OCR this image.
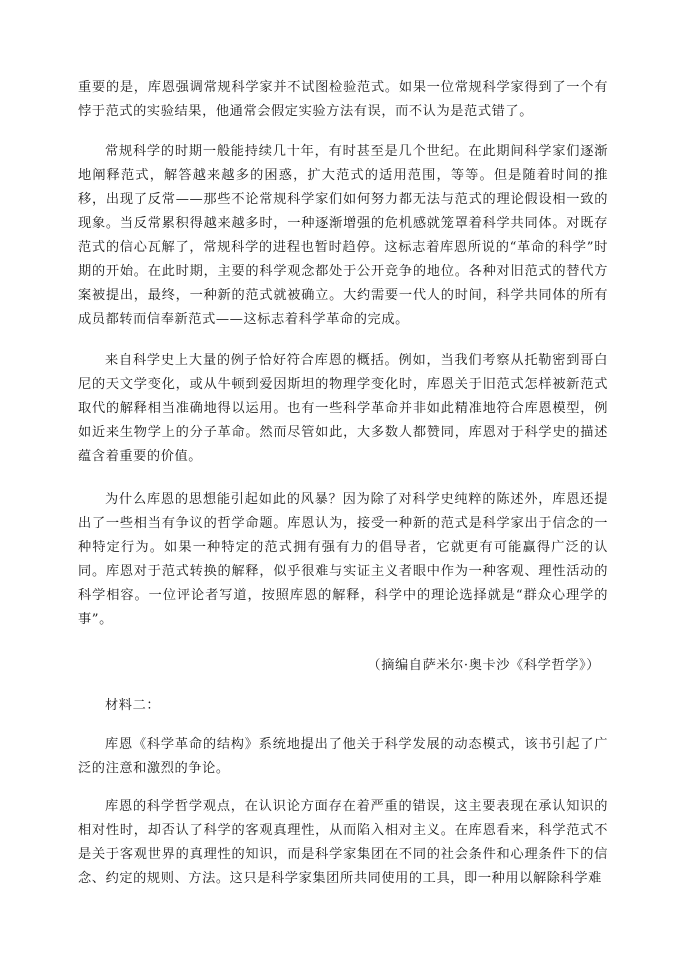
重要的是，库恩强调常规科学家并不试图检验范式。如果一位常规科学家得到了一个有悖于范式的实验结果，他通常会假定实验方法有误，而不认为是范式错了。

常规科学的时期一般能持续几十年，有时甚至是几个世纪。在此期间科学家们逐渐地阐释范式，解答越来越多的困惑，扩大范式的适用范围，等等。但是随着时间的推移，出现了反常——那些不论常规科学家们如何努力都无法与范式的理论假设相一致的现象。当反常累积得越来越多时，一种逐渐增强的危机感就笼罩着科学共同体。对既存范式的信心瓦解了，常规科学的进程也暂时趋停。这标志着库恩所说的“革命的科学”时期的开始。在此时期，主要的科学观念都处于公开竞争的地位。各种对旧范式的替代方案被提出，最终，一种新的范式就被确立。大约需要一代人的时间，科学共同体的所有成员都转而信奉新范式——这标志着科学革命的完成。

来自科学史上大量的例子恰好符合库恩的概括。例如，当我们考察从托勒密到哥白尼的天文学变化，或从牛顿到爱因斯坦的物理学变化时，库恩关于旧范式怎样被新范式取代的解释相当准确地得以运用。也有一些科学革命并非如此精准地符合库恩模型，例如近来生物学上的分子革命。然而尽管如此，大多数人都赞同，库恩对于科学史的描述蕴含着重要的价值。

为什么库恩的思想能引起如此的风暴？因为除了对科学史纯粹的陈述外，库恩还提出了一些相当有争议的哲学命题。库恩认为，接受一种新的范式是科学家出于信念的一种特定行为。如果一种特定的范式拥有强有力的倡导者，它就更有可能赢得广泛的认同。库恩对于范式转换的解释，似乎很难与实证主义者眼中作为一种客观、理性活动的科学相容。一位评论者写道，按照库恩的解释，科学中的理论选择就是“群众心理学的事”。

（摘编自萨米尔·奥卡沙《科学哲学》）

材料二：

库恩《科学革命的结构》系统地提出了他关于科学发展的动态模式，该书引起了广泛的注意和激烈的争论。

库恩的科学哲学观点，在认识论方面存在着严重的错误，这主要表现在承认知识的相对性时，却否认了科学的客观真理性，从而陷入相对主义。在库恩看来，科学范式不是关于客观世界的真理性的知识，而是科学家集团在不同的社会条件和心理条件下的信念、约定的规则、方法。这只是科学家集团所共同使用的工具，即一种用以解除科学难
